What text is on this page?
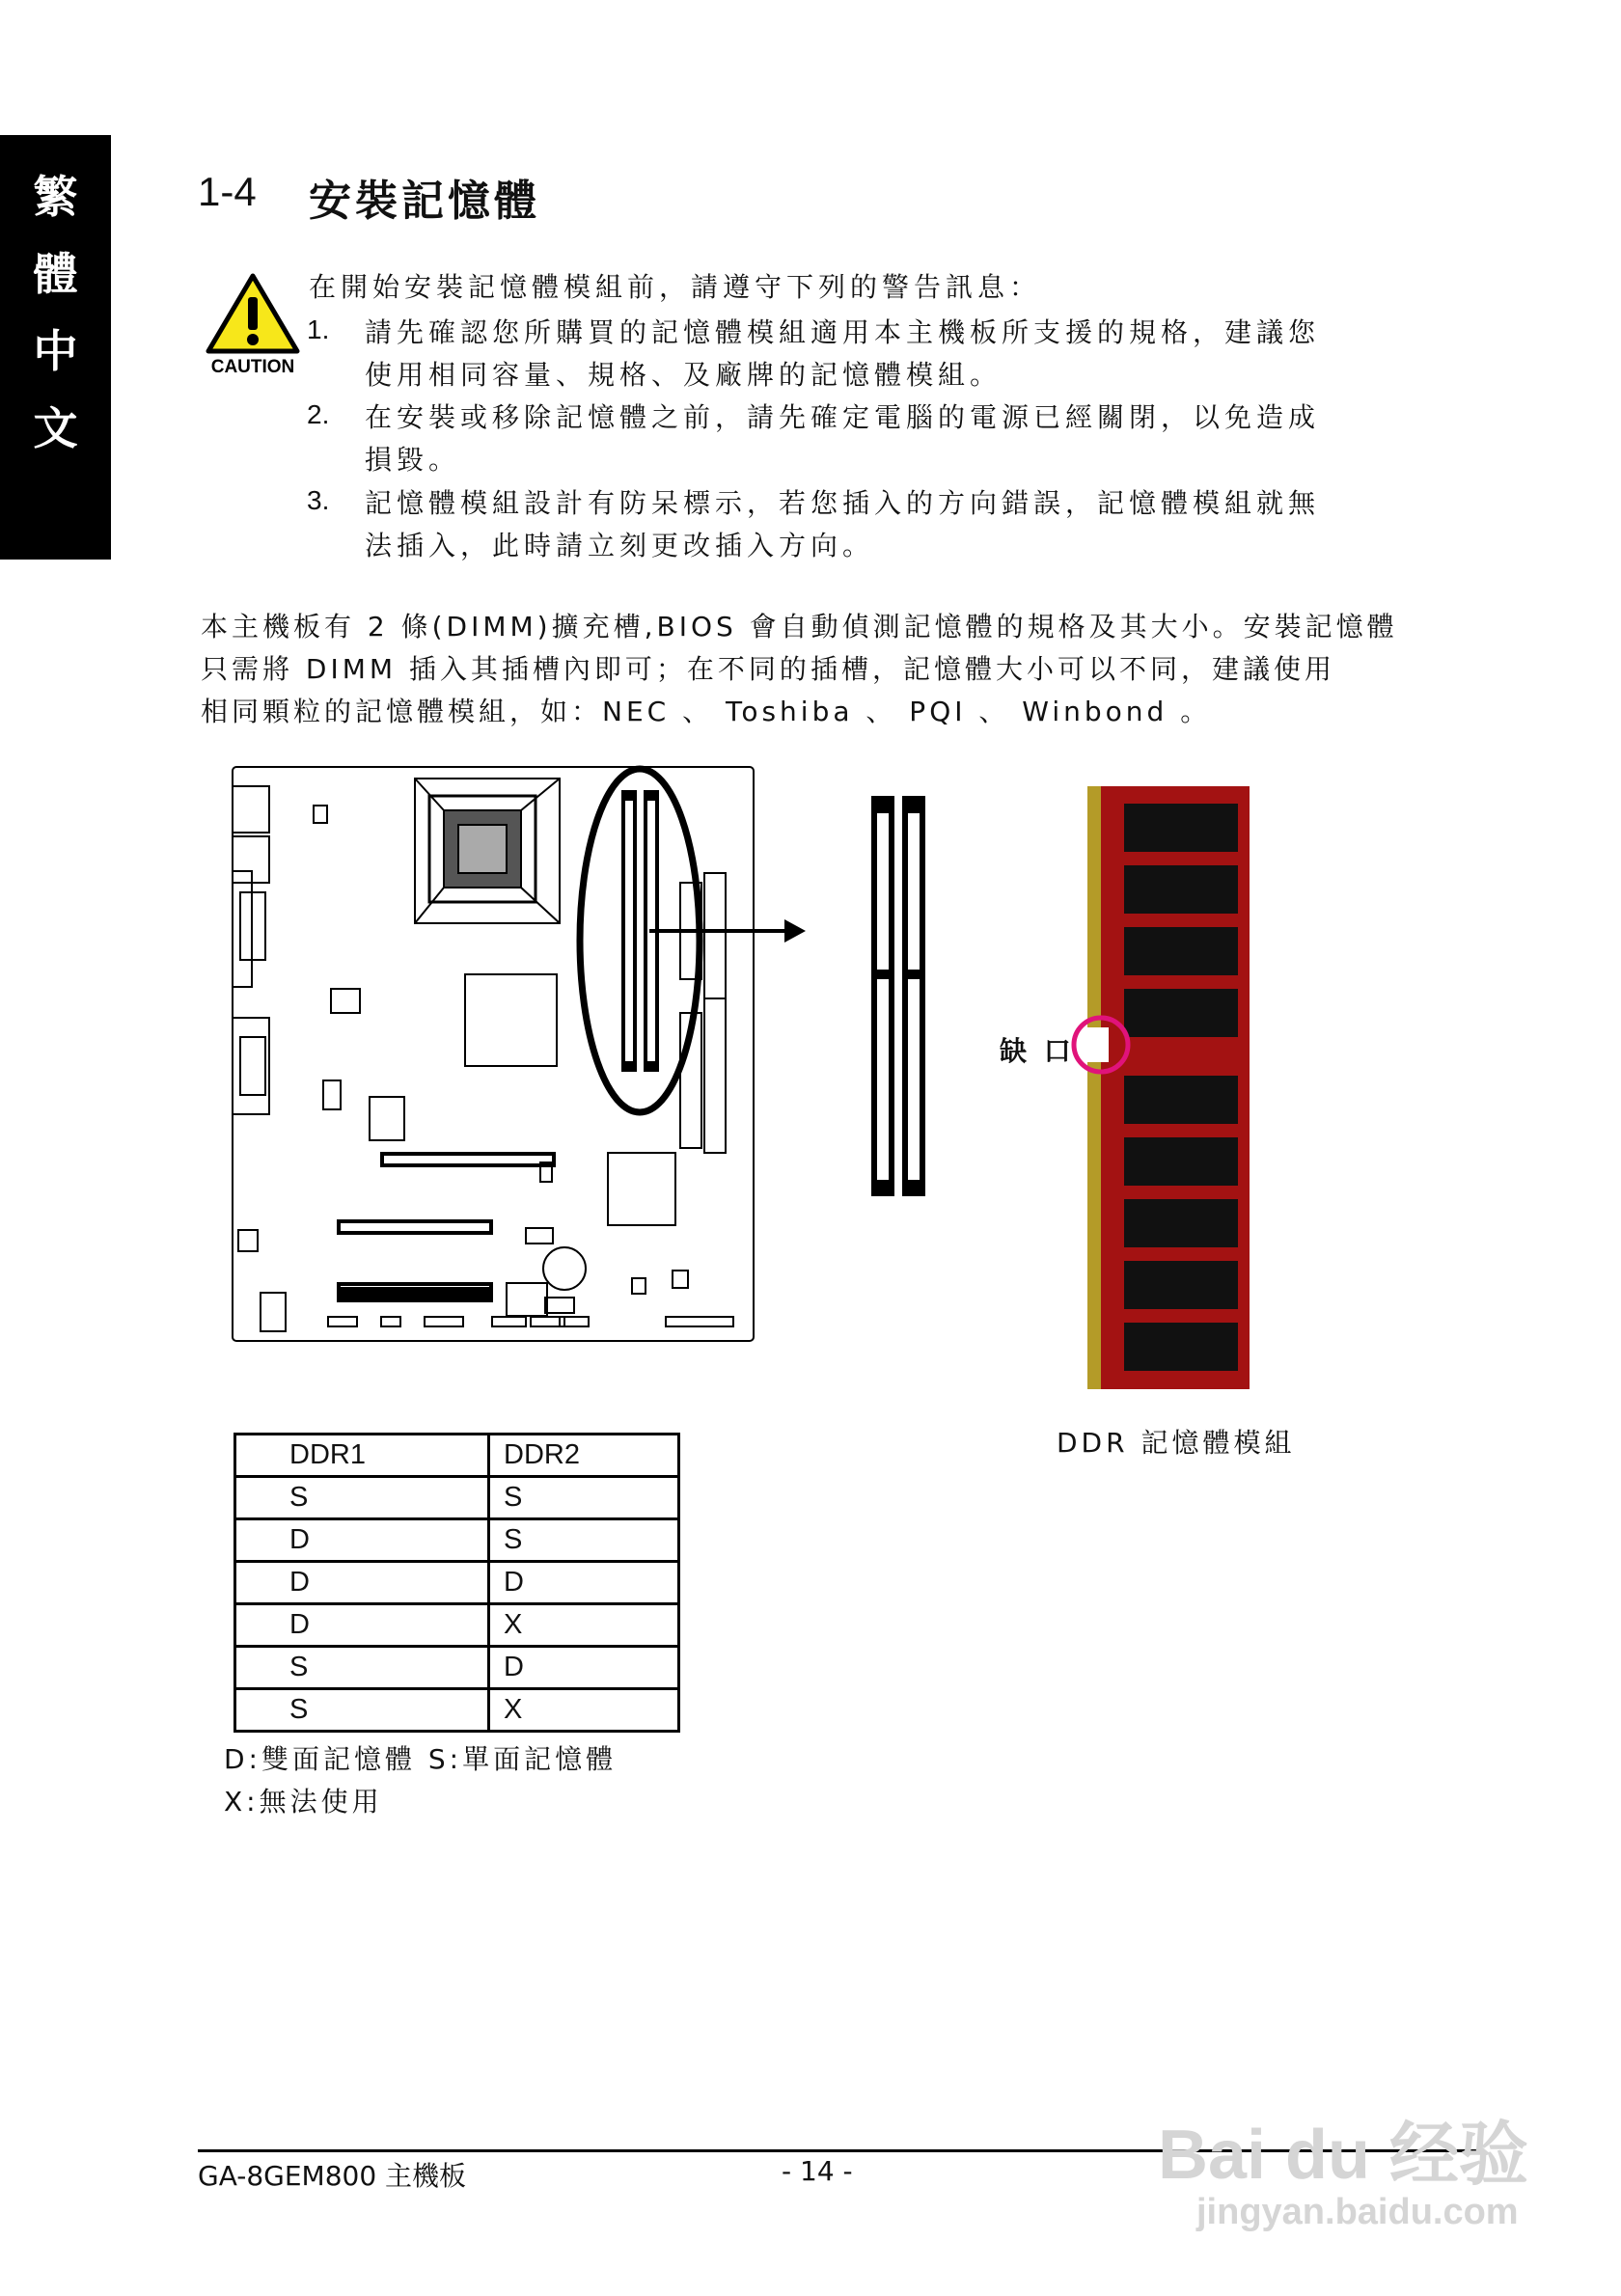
繁
體
中
文
1-4 安裝記憶體
CAUTION
在開始安裝記憶體模組前，請遵守下列的警告訊息：
1. 請先確認您所購買的記憶體模組適用本主機板所支援的規格，建議您
使用相同容量、規格、及廠牌的記憶體模組。
2. 在安裝或移除記憶體之前，請先確定電腦的電源已經關閉，以免造成
損毀。
3. 記憶體模組設計有防呆標示，若您插入的方向錯誤，記憶體模組就無
法插入，此時請立刻更改插入方向。
本主機板有 2 條(DIMM)擴充槽,BIOS 會自動偵測記憶體的規格及其大小。安裝記憶體
只需將 DIMM 插入其插槽內即可；在不同的插槽，記憶體大小可以不同，建議使用
相同顆粒的記憶體模組，如：NEC 、 Toshiba 、 PQI 、 Winbond 。
缺 口
DDR 記憶體模組
DDR1	DDR2
S	S
D	S
D	D
D	X
S	D
S	X
D:雙面記憶體 S:單面記憶體
X:無法使用
GA-8GEM800 主機板	- 14 -	Bai du 经验
jingyan.baidu.com
